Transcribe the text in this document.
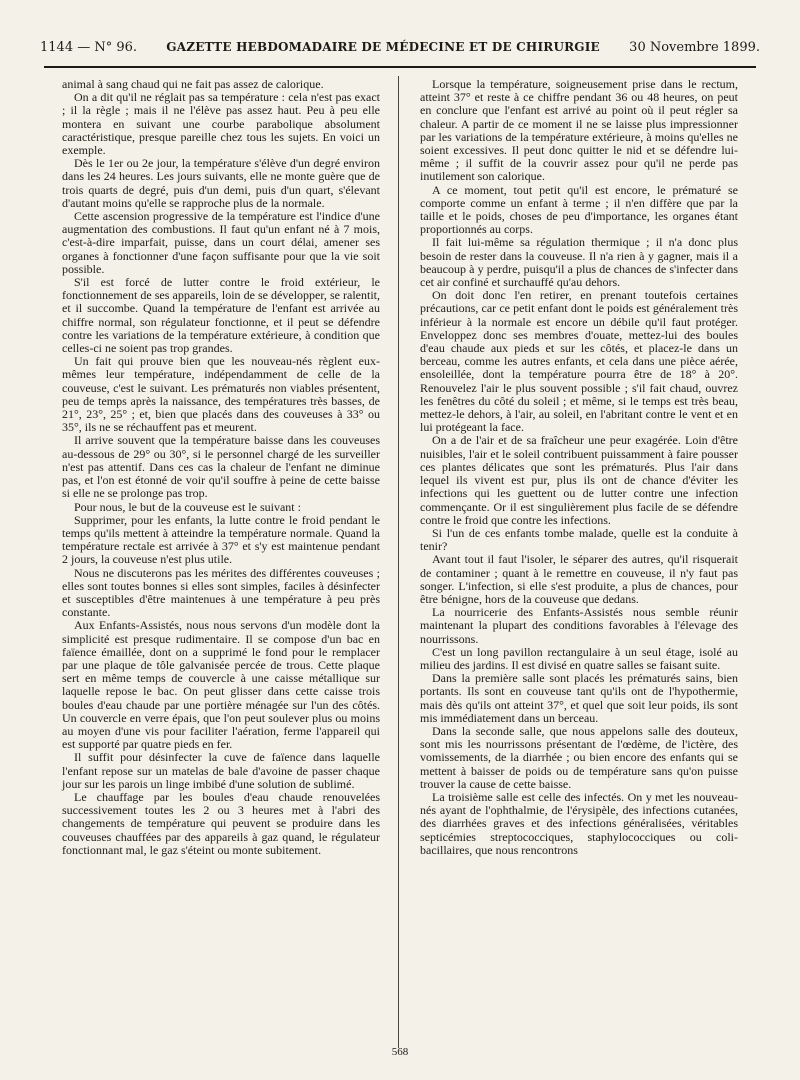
1144 — N° 96. GAZETTE HEBDOMADAIRE DE MÉDECINE ET DE CHIRURGIE 30 Novembre 1899.

animal à sang chaud qui ne fait pas assez de calorique.

On a dit qu'il ne réglait pas sa température : cela n'est pas exact ; il la règle ; mais il ne l'élève pas assez haut. Peu à peu elle montera en suivant une courbe parabolique absolument caractéristique, presque pareille chez tous les sujets. En voici un exemple.

Dès le 1er ou 2e jour, la température s'élève d'un degré environ dans les 24 heures. Les jours suivants, elle ne monte guère que de trois quarts de degré, puis d'un demi, puis d'un quart, s'élevant d'autant moins qu'elle se rapproche plus de la normale.

Cette ascension progressive de la température est l'indice d'une augmentation des combustions. Il faut qu'un enfant né à 7 mois, c'est-à-dire imparfait, puisse, dans un court délai, amener ses organes à fonctionner d'une façon suffisante pour que la vie soit possible.

S'il est forcé de lutter contre le froid extérieur, le fonctionnement de ses appareils, loin de se développer, se ralentit, et il succombe. Quand la température de l'enfant est arrivée au chiffre normal, son régulateur fonctionne, et il peut se défendre contre les variations de la température extérieure, à condition que celles-ci ne soient pas trop grandes.

Un fait qui prouve bien que les nouveau-nés règlent eux-mêmes leur température, indépendamment de celle de la couveuse, c'est le suivant. Les prématurés non viables présentent, peu de temps après la naissance, des températures très basses, de 21°, 23°, 25° ; et, bien que placés dans des couveuses à 33° ou 35°, ils ne se réchauffent pas et meurent.

Il arrive souvent que la température baisse dans les couveuses au-dessous de 29° ou 30°, si le personnel chargé de les surveiller n'est pas attentif. Dans ces cas la chaleur de l'enfant ne diminue pas, et l'on est étonné de voir qu'il souffre à peine de cette baisse si elle ne se prolonge pas trop.

Pour nous, le but de la couveuse est le suivant :

Supprimer, pour les enfants, la lutte contre le froid pendant le temps qu'ils mettent à atteindre la température normale. Quand la température rectale est arrivée à 37° et s'y est maintenue pendant 2 jours, la couveuse n'est plus utile.

Nous ne discuterons pas les mérites des différentes couveuses ; elles sont toutes bonnes si elles sont simples, faciles à désinfecter et susceptibles d'être maintenues à une température à peu près constante.

Aux Enfants-Assistés, nous nous servons d'un modèle dont la simplicité est presque rudimentaire. Il se compose d'un bac en faïence émaillée, dont on a supprimé le fond pour le remplacer par une plaque de tôle galvanisée percée de trous. Cette plaque sert en même temps de couvercle à une caisse métallique sur laquelle repose le bac. On peut glisser dans cette caisse trois boules d'eau chaude par une portière ménagée sur l'un des côtés. Un couvercle en verre épais, que l'on peut soulever plus ou moins au moyen d'une vis pour faciliter l'aération, ferme l'appareil qui est supporté par quatre pieds en fer.

Il suffit pour désinfecter la cuve de faïence dans laquelle l'enfant repose sur un matelas de bale d'avoine de passer chaque jour sur les parois un linge imbibé d'une solution de sublimé.

Le chauffage par les boules d'eau chaude renouvelées successivement toutes les 2 ou 3 heures met à l'abri des changements de température qui peuvent se produire dans les couveuses chauffées par des appareils à gaz quand, le régulateur fonctionnant mal, le gaz s'éteint ou monte subitement.

Lorsque la température, soigneusement prise dans le rectum, atteint 37° et reste à ce chiffre pendant 36 ou 48 heures, on peut en conclure que l'enfant est arrivé au point où il peut régler sa chaleur. A partir de ce moment il ne se laisse plus impressionner par les variations de la température extérieure, à moins qu'elles ne soient excessives. Il peut donc quitter le nid et se défendre lui-même ; il suffit de la couvrir assez pour qu'il ne perde pas inutilement son calorique.

A ce moment, tout petit qu'il est encore, le prématuré se comporte comme un enfant à terme ; il n'en diffère que par la taille et le poids, choses de peu d'importance, les organes étant proportionnés au corps.

Il fait lui-même sa régulation thermique ; il n'a donc plus besoin de rester dans la couveuse. Il n'a rien à y gagner, mais il a beaucoup à y perdre, puisqu'il a plus de chances de s'infecter dans cet air confiné et surchauffé qu'au dehors.

On doit donc l'en retirer, en prenant toutefois certaines précautions, car ce petit enfant dont le poids est généralement très inférieur à la normale est encore un débile qu'il faut protéger. Enveloppez donc ses membres d'ouate, mettez-lui des boules d'eau chaude aux pieds et sur les côtés, et placez-le dans un berceau, comme les autres enfants, et cela dans une pièce aérée, ensoleillée, dont la température pourra être de 18° à 20°. Renouvelez l'air le plus souvent possible ; s'il fait chaud, ouvrez les fenêtres du côté du soleil ; et même, si le temps est très beau, mettez-le dehors, à l'air, au soleil, en l'abritant contre le vent et en lui protégeant la face.

On a de l'air et de sa fraîcheur une peur exagérée. Loin d'être nuisibles, l'air et le soleil contribuent puissamment à faire pousser ces plantes délicates que sont les prématurés. Plus l'air dans lequel ils vivent est pur, plus ils ont de chance d'éviter les infections qui les guettent ou de lutter contre une infection commençante. Or il est singulièrement plus facile de se défendre contre le froid que contre les infections.

Si l'un de ces enfants tombe malade, quelle est la conduite à tenir?

Avant tout il faut l'isoler, le séparer des autres, qu'il risquerait de contaminer ; quant à le remettre en couveuse, il n'y faut pas songer. L'infection, si elle s'est produite, a plus de chances, pour être bénigne, hors de la couveuse que dedans.

La nourricerie des Enfants-Assistés nous semble réunir maintenant la plupart des conditions favorables à l'élevage des nourrissons.

C'est un long pavillon rectangulaire à un seul étage, isolé au milieu des jardins. Il est divisé en quatre salles se faisant suite.

Dans la première salle sont placés les prématurés sains, bien portants. Ils sont en couveuse tant qu'ils ont de l'hypothermie, mais dès qu'ils ont atteint 37°, et quel que soit leur poids, ils sont mis immédiatement dans un berceau.

Dans la seconde salle, que nous appelons salle des douteux, sont mis les nourrissons présentant de l'œdème, de l'ictère, des vomissements, de la diarrhée ; ou bien encore des enfants qui se mettent à baisser de poids ou de température sans qu'on puisse trouver la cause de cette baisse.

La troisième salle est celle des infectés. On y met les nouveau-nés ayant de l'ophthalmie, de l'érysipèle, des infections cutanées, des diarrhées graves et des infections généralisées, véritables septicémies streptococciques, staphylococciques ou coli-bacillaires, que nous rencontrons

568
